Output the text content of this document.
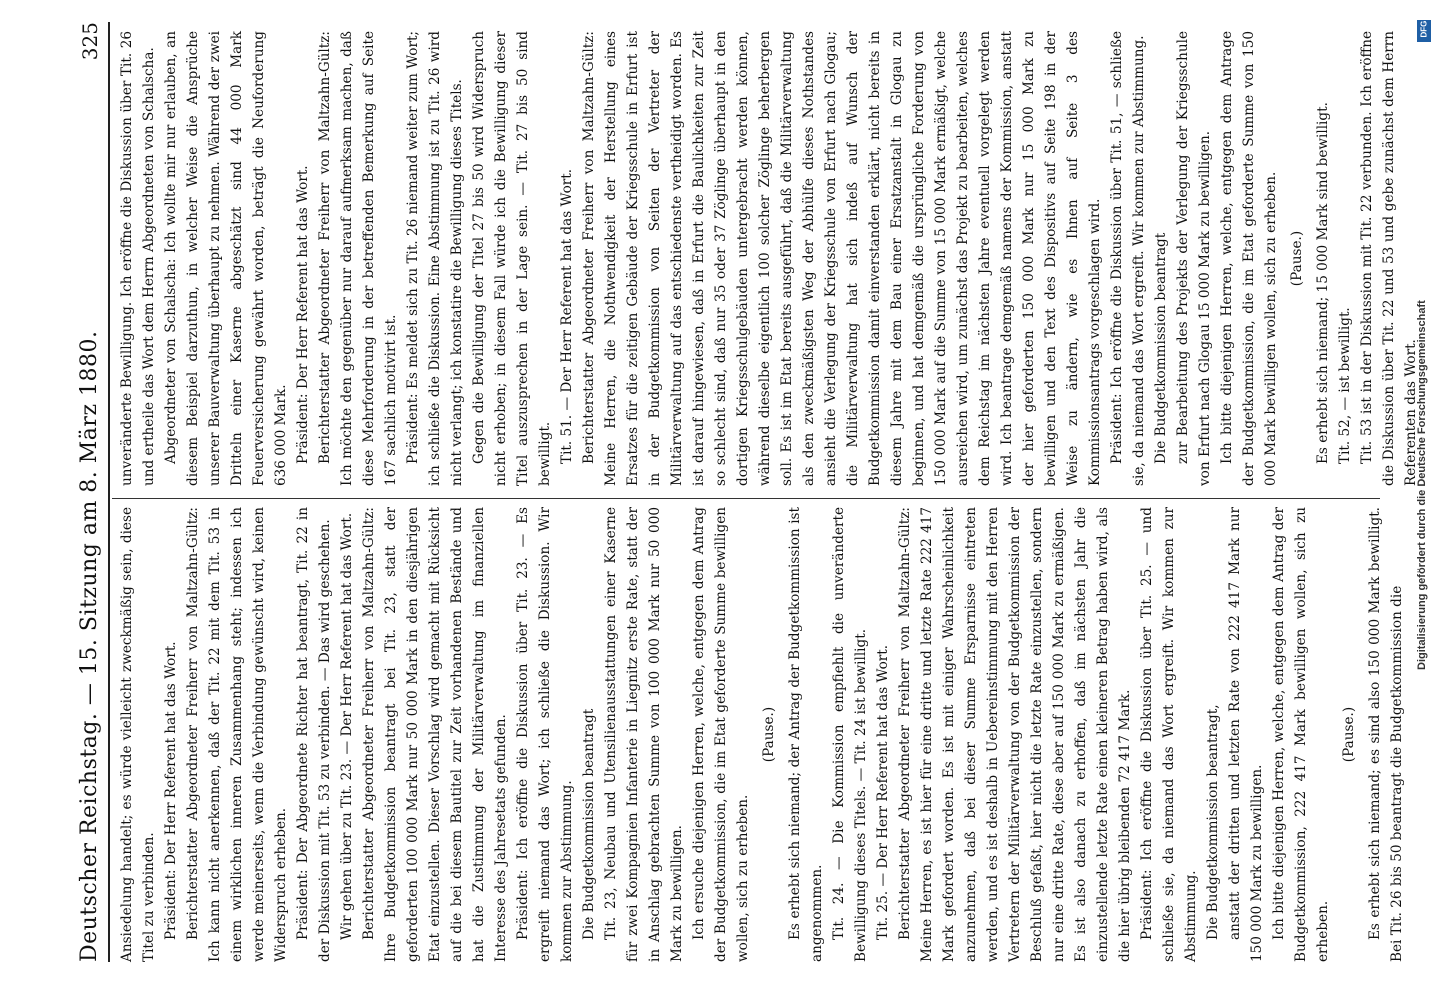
Deutscher Reichstag. — 15. Sitzung am 8. März 1880.
325

Ansiedelung handelt; es würde vielleicht zweckmäßig sein, diese Titel zu verbinden. Präsident: Der Herr Referent hat das Wort. Berichterstatter Abgeordneter Freiherr von Maltzahn-Gültz: Ich kann nicht anerkennen, daß der Tit. 22 mit dem Tit. 53 in einem wirklichen inneren Zusammenhang steht; indessen ich werde meinerseits, wenn die Verbindung gewünscht wird, keinen Widerspruch erheben. Präsident: Der Abgeordnete Richter hat beantragt, Tit. 22 in der Diskussion mit Tit. 53 zu verbinden. — Das wird geschehen. Wir gehen über zu Tit. 23. — Der Herr Referent hat das Wort. Berichterstatter Abgeordneter Freiherr von Maltzahn-Gültz: Ihre Budgetkommission beantragt bei Tit. 23, statt der geforderten 100 000 Mark nur 50 000 Mark in den diesjährigen Etat einzustellen. Dieser Vorschlag wird gemacht mit Rücksicht auf die bei diesem Bautitel zur Zeit vorhandenen Bestände und hat die Zustimmung der Militärverwaltung im finanziellen Interesse des Jahresetats gefunden. Präsident: Ich eröffne die Diskussion über Tit. 23. — Es ergreift niemand das Wort; ich schließe die Diskussion. Wir kommen zur Abstimmung. Die Budgetkommission beantragt Tit. 23, Neubau und Utensilienausstattungen einer Kaserne für zwei Kompagnien Infanterie in Liegnitz erste Rate, statt der in Anschlag gebrachten Summe von 100 000 Mark nur 50 000 Mark zu bewilligen. Ich ersuche diejenigen Herren, welche, entgegen dem Antrag der Budgetkommission, die im Etat geforderte Summe bewilligen wollen, sich zu erheben.

(Pause.) Es erhebt sich niemand; der Antrag der Budgetkommission ist angenommen. Tit. 24. — Die Kommission empfiehlt die unveränderte Bewilligung dieses Titels. — Tit. 24 ist bewilligt. Tit. 25. — Der Herr Referent hat das Wort. Berichterstatter Abgeordneter Freiherr von Maltzahn-Gültz: Meine Herren, es ist hier für eine dritte und letzte Rate 222 417 Mark gefordert worden. Es ist mit einiger Wahrscheinlichkeit anzunehmen, daß bei dieser Summe Ersparnisse eintreten werden, und es ist deshalb in Uebereinstimmung mit den Herren Vertretern der Militärverwaltung von der Budgetkommission der Beschluß gefaßt, hier nicht die letzte Rate einzustellen, sondern nur eine dritte Rate, diese aber auf 150 000 Mark zu ermäßigen. Es ist also danach zu erhoffen, daß im nächsten Jahr die einzustellende letzte Rate einen kleineren Betrag haben wird, als die hier übrig bleibenden 72 417 Mark. Präsident: Ich eröffne die Diskussion über Tit. 25. — und schließe sie, da niemand das Wort ergreift. Wir kommen zur Abstimmung. Die Budgetkommission beantragt, anstatt der dritten und letzten Rate von 222 417 Mark nur 150 000 Mark zu bewilligen. Ich bitte diejenigen Herren, welche, entgegen dem Antrag der Budgetkommission, 222 417 Mark bewilligen wollen, sich zu erheben.

(Pause.) Es erhebt sich niemand; es sind also 150 000 Mark bewilligt. Bei Tit. 26 bis 50 beantragt die Budgetkommission die

unveränderte Bewilligung. Ich eröffne die Diskussion über Tit. 26 und ertheile das Wort dem Herrn Abgeordneten von Schalscha. Abgeordneter von Schalscha: Ich wollte mir nur erlauben, an diesem Beispiel darzuthun, in welcher Weise die Ansprüche unserer Bauverwaltung überhaupt zu nehmen. Während der zwei Dritteln einer Kaserne abgeschätzt sind 44 000 Mark Feuerversicherung gewährt worden, beträgt die Neuforderung 636 000 Mark. Präsident: Der Herr Referent hat das Wort. Berichterstatter Abgeordneter Freiherr von Maltzahn-Gültz: Ich möchte den gegenüber nur darauf aufmerksam machen, daß diese Mehrforderung in der betreffenden Bemerkung auf Seite 167 sachlich motivirt ist. Präsident: Es meldet sich zu Tit. 26 niemand weiter zum Wort; ich schließe die Diskussion. Eine Abstimmung ist zu Tit. 26 wird nicht verlangt; ich konstatire die Bewilligung dieses Titels. Gegen die Bewilligung der Titel 27 bis 50 wird Widerspruch nicht erhoben; in diesem Fall würde ich die Bewilligung dieser Titel auszusprechen in der Lage sein. — Tit. 27 bis 50 sind bewilligt. Tit. 51. — Der Herr Referent hat das Wort. Berichterstatter Abgeordneter Freiherr von Maltzahn-Gültz: Meine Herren, die Nothwendigkeit der Herstellung eines Ersatzes für die zeitigen Gebäude der Kriegsschule in Erfurt ist in der Budgetkommission von Seiten der Vertreter der Militärverwaltung auf das entschiedenste vertheidigt worden. Es ist darauf hingewiesen, daß in Erfurt die Baulichkeiten zur Zeit so schlecht sind, daß nur 35 oder 37 Zöglinge überhaupt in den dortigen Kriegsschulgebäuden untergebracht werden können, während dieselbe eigentlich 100 solcher Zöglinge beherbergen soll. Es ist im Etat bereits ausgeführt, daß die Militärverwaltung als den zweckmäßigsten Weg der Abhülfe dieses Nothstandes ansieht die Verlegung der Kriegsschule von Erfurt nach Glogau; die Militärverwaltung hat sich indeß auf Wunsch der Budgetkommission damit einverstanden erklärt, nicht bereits in diesem Jahre mit dem Bau einer Ersatzanstalt in Glogau zu beginnen, und hat demgemäß die ursprüngliche Forderung von 150 000 Mark auf die Summe von 15 000 Mark ermäßigt, welche ausreichen wird, um zunächst das Projekt zu bearbeiten, welches dem Reichstag im nächsten Jahre eventuell vorgelegt werden wird. Ich beantrage demgemäß namens der Kommission, anstatt der hier geforderten 150 000 Mark nur 15 000 Mark zu bewilligen und den Text des Dispositivs auf Seite 198 in der Weise zu ändern, wie es Ihnen auf Seite 3 des Kommissionsantrags vorgeschlagen wird. Präsident: Ich eröffne die Diskussion über Tit. 51, — schließe sie, da niemand das Wort ergreift. Wir kommen zur Abstimmung. Die Budgetkommission beantragt zur Bearbeitung des Projekts der Verlegung der Kriegsschule von Erfurt nach Glogau 15 000 Mark zu bewilligen. Ich bitte diejenigen Herren, welche, entgegen dem Antrage der Budgetkommission, die im Etat geforderte Summe von 150 000 Mark bewilligen wollen, sich zu erheben. (Pause.) Es erhebt sich niemand; 15 000 Mark sind bewilligt. Tit. 52, — ist bewilligt. Tit. 53 ist in der Diskussion mit Tit. 22 verbunden. Ich eröffne die Diskussion über Tit. 22 und 53 und gebe zunächst dem Herrn Referenten das Wort.

Digitalisierung gefördert durch die Deutsche Forschungsgemeinschaft
DFG
